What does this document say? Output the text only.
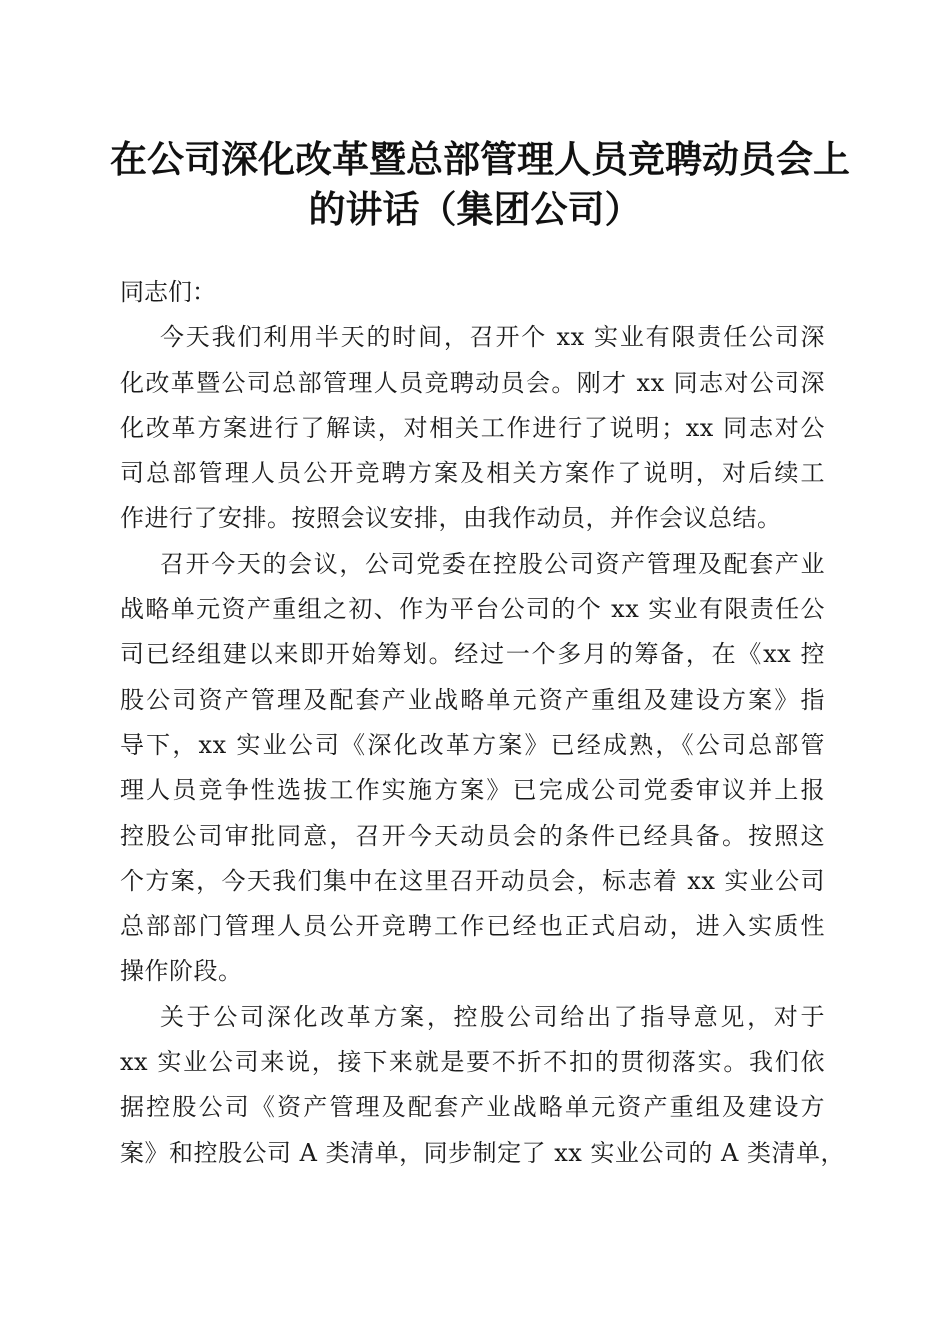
在公司深化改革暨总部管理人员竞聘动员会上
的讲话（集团公司）

同志们：

今天我们利用半天的时间，召开个 xx 实业有限责任公司深
化改革暨公司总部管理人员竞聘动员会。刚才 xx 同志对公司深
化改革方案进行了解读，对相关工作进行了说明；xx 同志对公
司总部管理人员公开竞聘方案及相关方案作了说明，对后续工
作进行了安排。按照会议安排，由我作动员，并作会议总结。

召开今天的会议，公司党委在控股公司资产管理及配套产业
战略单元资产重组之初、作为平台公司的个 xx 实业有限责任公
司已经组建以来即开始筹划。经过一个多月的筹备，在《xx 控
股公司资产管理及配套产业战略单元资产重组及建设方案》指
导下，xx 实业公司《深化改革方案》已经成熟，《公司总部管
理人员竞争性选拔工作实施方案》已完成公司党委审议并上报
控股公司审批同意，召开今天动员会的条件已经具备。按照这
个方案，今天我们集中在这里召开动员会，标志着 xx 实业公司
总部部门管理人员公开竞聘工作已经也正式启动，进入实质性
操作阶段。

关于公司深化改革方案，控股公司给出了指导意见，对于
xx 实业公司来说，接下来就是要不折不扣的贯彻落实。我们依
据控股公司《资产管理及配套产业战略单元资产重组及建设方
案》和控股公司 A 类清单，同步制定了 xx 实业公司的 A 类清单，
